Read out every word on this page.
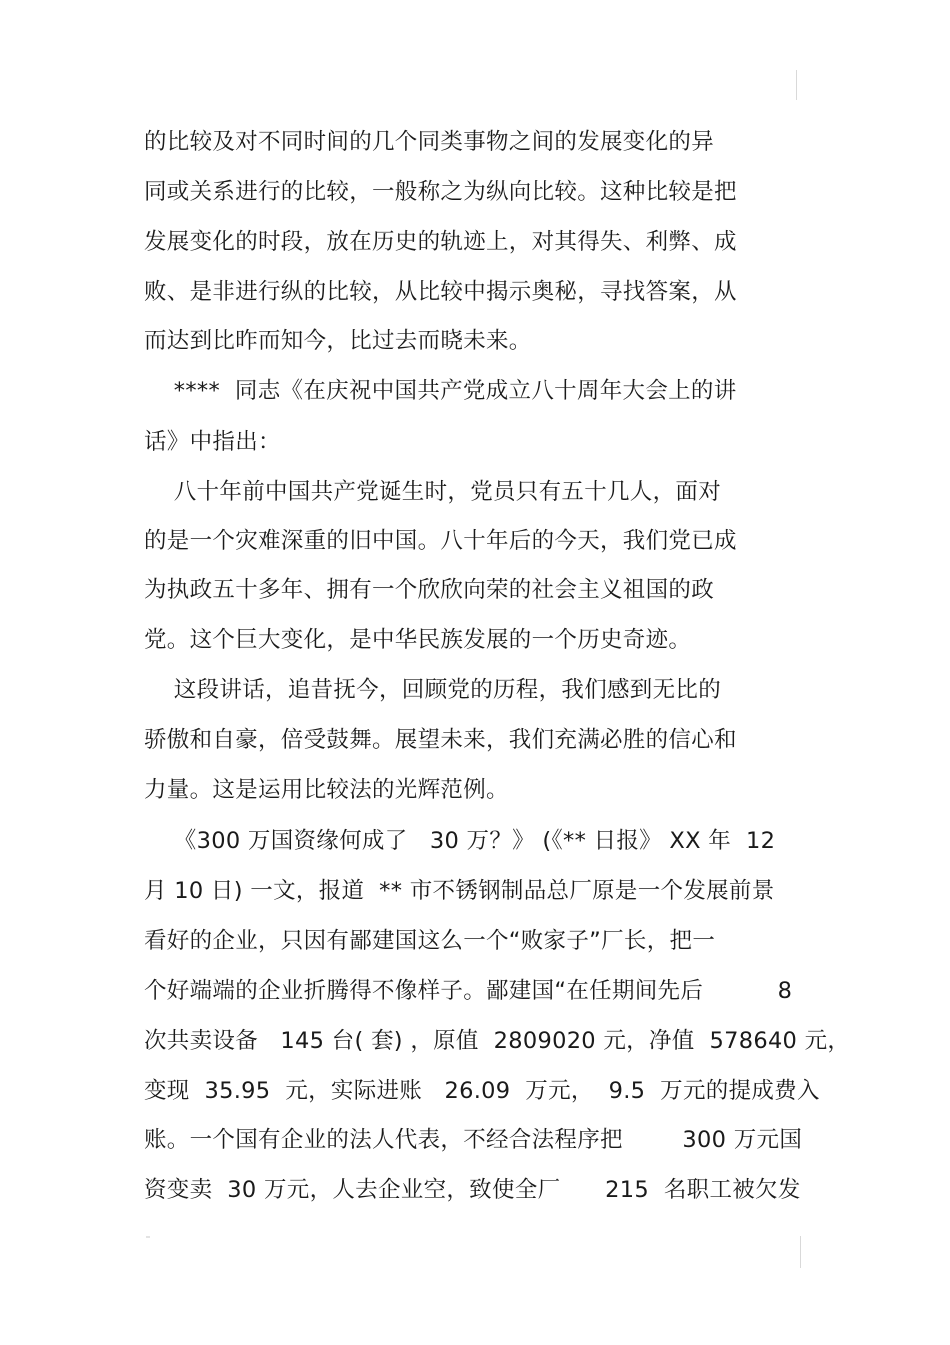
的比较及对不同时间的几个同类事物之间的发展变化的异
同或关系进行的比较，一般称之为纵向比较。这种比较是把
发展变化的时段，放在历史的轨迹上，对其得失、利弊、成
败、是非进行纵的比较，从比较中揭示奥秘，寻找答案，从
而达到比昨而知今，比过去而晓未来。
****  同志《在庆祝中国共产党成立八十周年大会上的讲
话》中指出：
八十年前中国共产党诞生时，党员只有五十几人，面对
的是一个灾难深重的旧中国。八十年后的今天，我们党已成
为执政五十多年、拥有一个欣欣向荣的社会主义祖国的政
党。这个巨大变化，是中华民族发展的一个历史奇迹。
这段讲话，追昔抚今，回顾党的历程，我们感到无比的
骄傲和自豪，倍受鼓舞。展望未来，我们充满必胜的信心和
力量。这是运用比较法的光辉范例。
《300 万国资缘何成了   30 万？》 (《** 日报》 XX 年  12
月 10 日) 一文，报道  ** 市不锈钢制品总厂原是一个发展前景
看好的企业，只因有鄙建国这么一个“败家子”厂长，把一
个好端端的企业折腾得不像样子。鄙建国“在任期间先后          8
次共卖设备   145 台( 套) ，原值  2809020 元，净值  578640 元，
变现  35.95  元，实际进账   26.09  万元，  9.5  万元的提成费入
账。一个国有企业的法人代表，不经合法程序把        300 万元国
资变卖  30 万元，人去企业空，致使全厂      215  名职工被欠发
